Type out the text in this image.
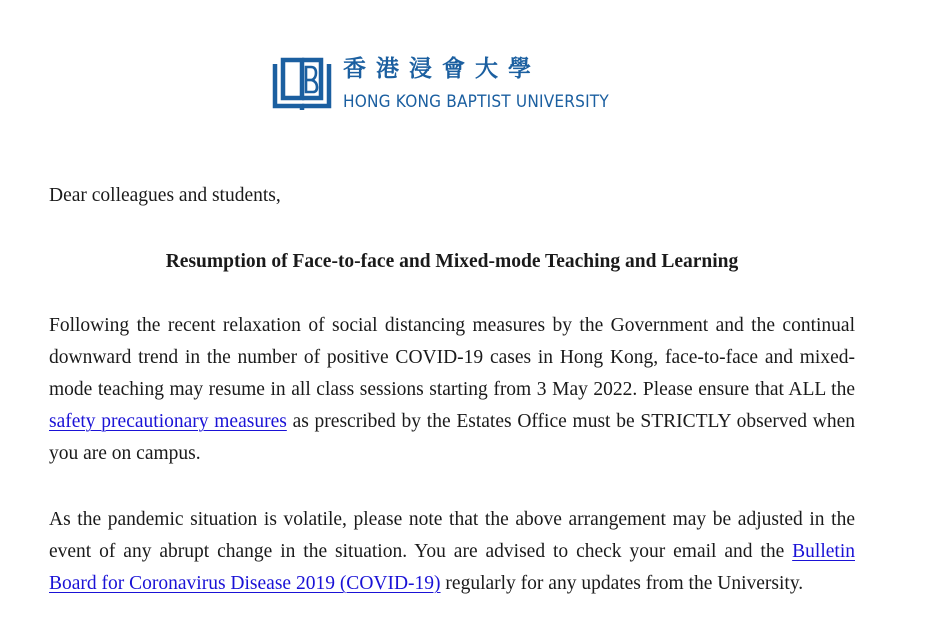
香港浸會大學
HONG KONG BAPTIST UNIVERSITY
Dear colleagues and students,
Resumption of Face-to-face and Mixed-mode Teaching and Learning

Following the recent relaxation of social distancing measures by the Government and the continual downward trend in the number of positive COVID-19 cases in Hong Kong, face-to-face and mixed-mode teaching may resume in all class sessions starting from 3 May 2022. Please ensure that ALL the safety precautionary measures as prescribed by the Estates Office must be STRICTLY observed when you are on campus.

As the pandemic situation is volatile, please note that the above arrangement may be adjusted in the event of any abrupt change in the situation. You are advised to check your email and the Bulletin Board for Coronavirus Disease 2019 (COVID-19) regularly for any updates from the University.
